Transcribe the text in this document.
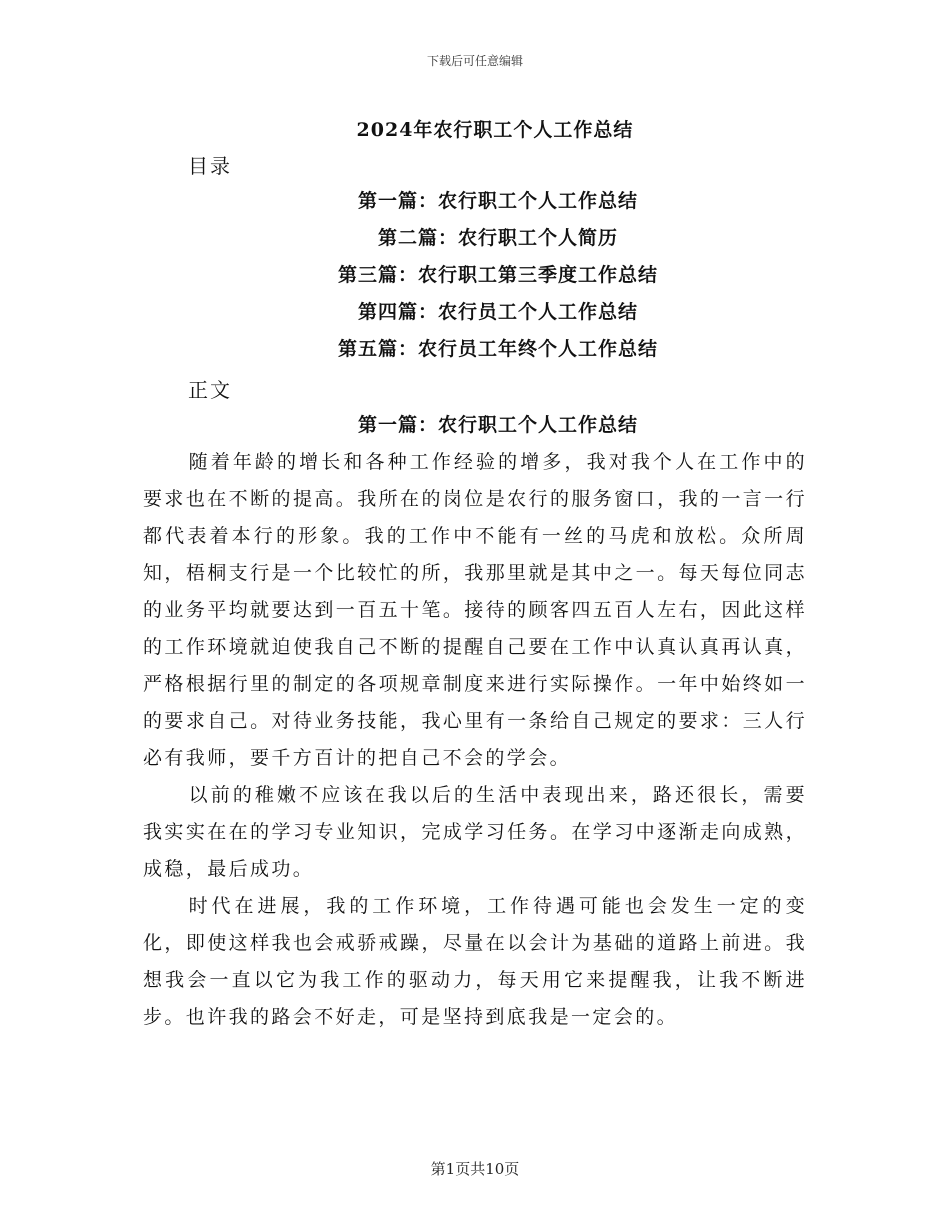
下载后可任意编辑
2024年农行职工个人工作总结
目录
第一篇：农行职工个人工作总结
第二篇：农行职工个人简历
第三篇：农行职工第三季度工作总结
第四篇：农行员工个人工作总结
第五篇：农行员工年终个人工作总结
正文
第一篇：农行职工个人工作总结

随着年龄的增长和各种工作经验的增多，我对我个人在工作中的要求也在不断的提高。我所在的岗位是农行的服务窗口，我的一言一行都代表着本行的形象。我的工作中不能有一丝的马虎和放松。众所周知，梧桐支行是一个比较忙的所，我那里就是其中之一。每天每位同志的业务平均就要达到一百五十笔。接待的顾客四五百人左右，因此这样的工作环境就迫使我自己不断的提醒自己要在工作中认真认真再认真，严格根据行里的制定的各项规章制度来进行实际操作。一年中始终如一的要求自己。对待业务技能，我心里有一条给自己规定的要求：三人行必有我师，要千方百计的把自己不会的学会。

以前的稚嫩不应该在我以后的生活中表现出来，路还很长，需要我实实在在的学习专业知识，完成学习任务。在学习中逐渐走向成熟，成稳，最后成功。

时代在进展，我的工作环境，工作待遇可能也会发生一定的变化，即使这样我也会戒骄戒躁，尽量在以会计为基础的道路上前进。我想我会一直以它为我工作的驱动力，每天用它来提醒我，让我不断进步。也许我的路会不好走，可是坚持到底我是一定会的。

第1页共10页
